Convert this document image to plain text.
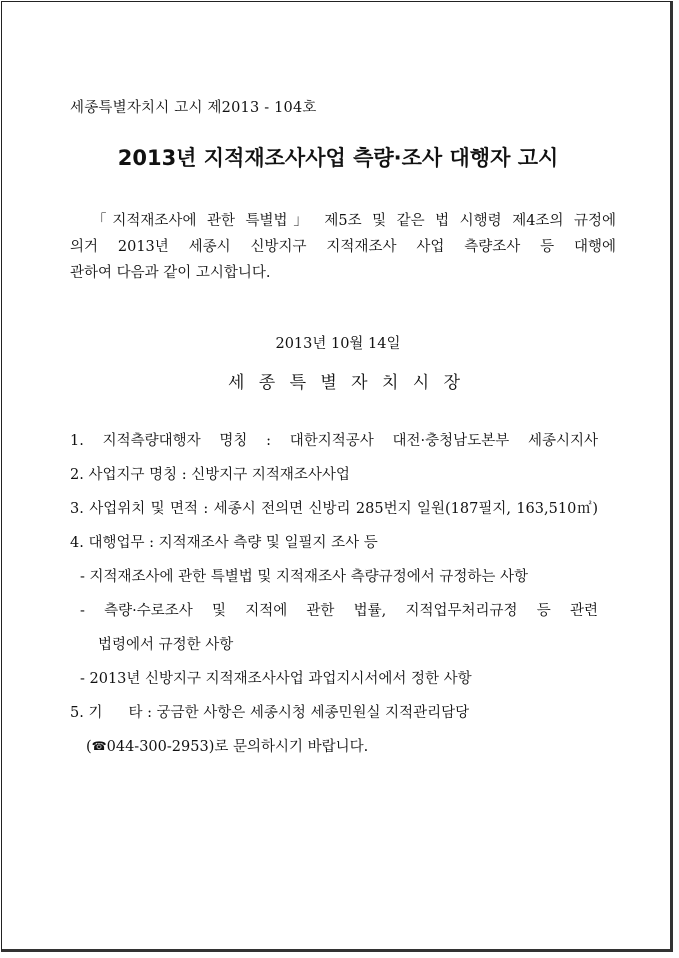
세종특별자치시 고시 제2013 - 104호
2013년 지적재조사사업 측량·조사 대행자 고시
「지적재조사에 관한 특별법」 제5조 및 같은 법 시행령 제4조의 규정에
의거 2013년 세종시 신방지구 지적재조사 사업 측량조사 등 대행에
관하여 다음과 같이 고시합니다.
2013년 10월 14일
세 종 특 별 자 치 시 장
1. 지적측량대행자 명칭 : 대한지적공사 대전·충청남도본부 세종시지사
2. 사업지구 명칭 : 신방지구 지적재조사사업
3. 사업위치 및 면적 : 세종시 전의면 신방리 285번지 일원(187필지, 163,510㎡)
4. 대행업무 : 지적재조사 측량 및 일필지 조사 등
- 지적재조사에 관한 특별법 및 지적재조사 측량규정에서 규정하는 사항
- 측량·수로조사 및 지적에 관한 법률, 지적업무처리규정 등 관련
법령에서 규정한 사항
- 2013년 신방지구 지적재조사사업 과업지시서에서 정한 사항
5. 기 타 : 궁금한 사항은 세종시청 세종민원실 지적관리담당
(☎044-300-2953)로 문의하시기 바랍니다.
